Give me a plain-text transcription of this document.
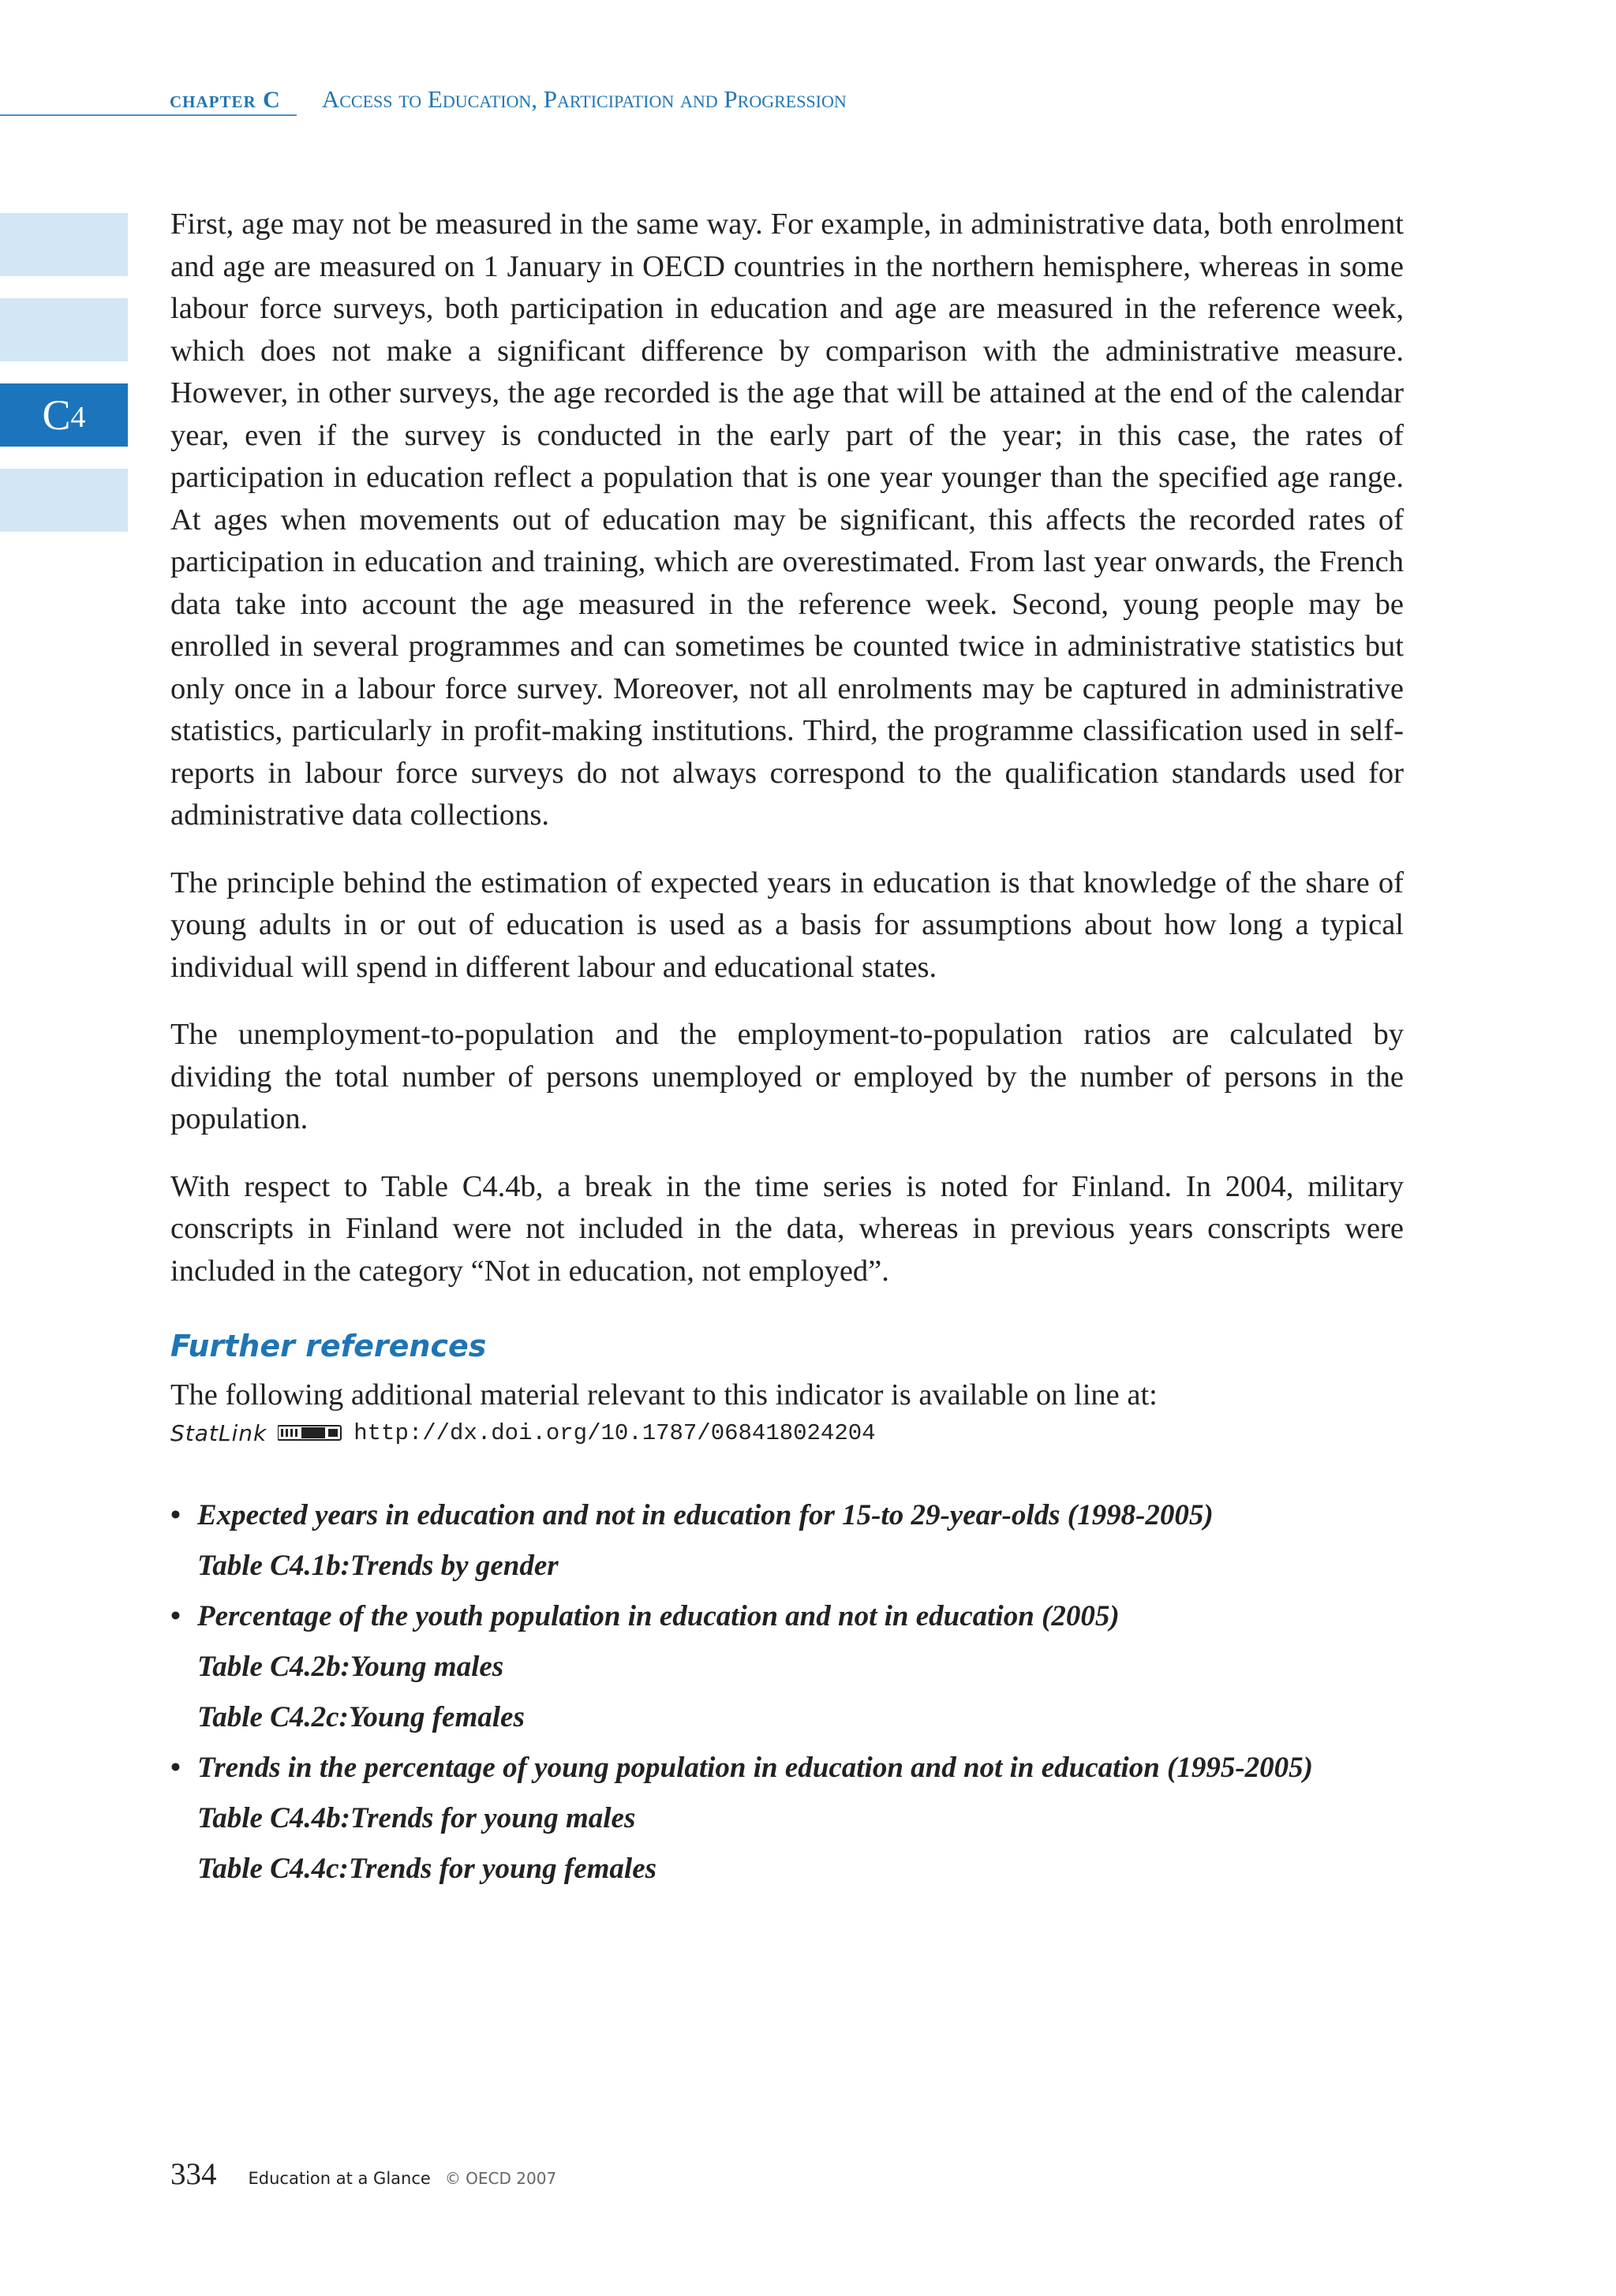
chapter C Access to Education, Participation and Progression
C 4

First, age may not be measured in the same way. For example, in administrative data, both enrolment and age are measured on 1 January in OECD countries in the northern hemisphere, whereas in some labour force surveys, both participation in education and age are measured in the reference week, which does not make a significant difference by comparison with the administrative measure. However, in other surveys, the age recorded is the age that will be attained at the end of the calendar year, even if the survey is conducted in the early part of the year; in this case, the rates of participation in education reflect a population that is one year younger than the specified age range. At ages when movements out of education may be significant, this affects the recorded rates of participation in education and training, which are overestimated. From last year onwards, the French data take into account the age measured in the reference week. Second, young people may be enrolled in several programmes and can sometimes be counted twice in administrative statistics but only once in a labour force survey. Moreover, not all enrolments may be captured in administrative statistics, particularly in profit-making institutions. Third, the programme classification used in self-reports in labour force surveys do not always correspond to the qualification standards used for administrative data collections.

The principle behind the estimation of expected years in education is that knowledge of the share of young adults in or out of education is used as a basis for assumptions about how long a typical individual will spend in different labour and educational states.

The unemployment-to-population and the employment-to-population ratios are calculated by dividing the total number of persons unemployed or employed by the number of persons in the population.

With respect to Table C4.4b, a break in the time series is noted for Finland. In 2004, military conscripts in Finland were not included in the data, whereas in previous years conscripts were included in the category “Not in education, not employed”.

Further references
The following additional material relevant to this indicator is available on line at:
StatLink	http://dx.doi.org/10.1787/068418024204
• Expected years in education and not in education for 15-to 29-year-olds (1998-2005)
Table C4.1b:Trends by gender
• Percentage of the youth population in education and not in education (2005)
Table C4.2b:Young males
Table C4.2c:Young females
• Trends in the percentage of young population in education and not in education (1995-2005)
Table C4.4b:Trends for young males
Table C4.4c:Trends for young females
334 Education at a Glance © OECD 2007
